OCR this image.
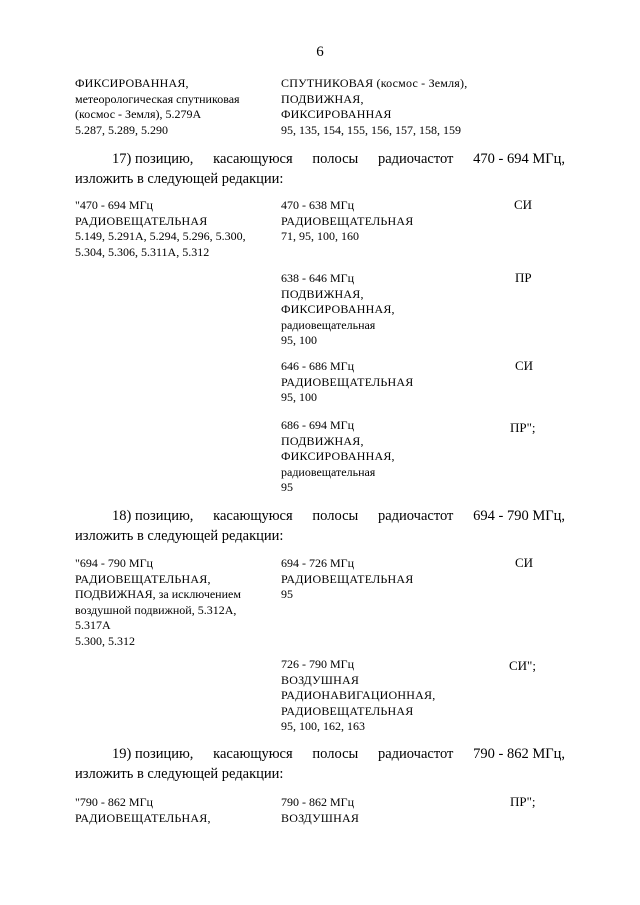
6
ФИКСИРОВАННАЯ,
метеорологическая спутниковая
(космос - Земля), 5.279A
5.287, 5.289, 5.290
СПУТНИКОВАЯ (космос - Земля),
ПОДВИЖНАЯ,
ФИКСИРОВАННАЯ
95, 135, 154, 155, 156, 157, 158, 159
17) позицию, касающуюся полосы радиочастот 470 - 694 МГц,
изложить в следующей редакции:
"470 - 694 МГц
РАДИОВЕЩАТЕЛЬНАЯ
5.149, 5.291A, 5.294, 5.296, 5.300,
5.304, 5.306, 5.311A, 5.312
470 - 638 МГц
РАДИОВЕЩАТЕЛЬНАЯ
71, 95, 100, 160
СИ
638 - 646 МГц
ПОДВИЖНАЯ,
ФИКСИРОВАННАЯ,
радиовещательная
95, 100
ПР
646 - 686 МГц
РАДИОВЕЩАТЕЛЬНАЯ
95, 100
СИ
686 - 694 МГц
ПОДВИЖНАЯ,
ФИКСИРОВАННАЯ,
радиовещательная
95
ПР";
18) позицию, касающуюся полосы радиочастот 694 - 790 МГц,
изложить в следующей редакции:
"694 - 790 МГц
РАДИОВЕЩАТЕЛЬНАЯ,
ПОДВИЖНАЯ, за исключением
воздушной подвижной, 5.312A,
5.317A
5.300, 5.312
694 - 726 МГц
РАДИОВЕЩАТЕЛЬНАЯ
95
СИ
726 - 790 МГц
ВОЗДУШНАЯ
РАДИОНАВИГАЦИОННАЯ,
РАДИОВЕЩАТЕЛЬНАЯ
95, 100, 162, 163
СИ";
19) позицию, касающуюся полосы радиочастот 790 - 862 МГц,
изложить в следующей редакции:
"790 - 862 МГц
РАДИОВЕЩАТЕЛЬНАЯ,
790 - 862 МГц
ВОЗДУШНАЯ
ПР";
